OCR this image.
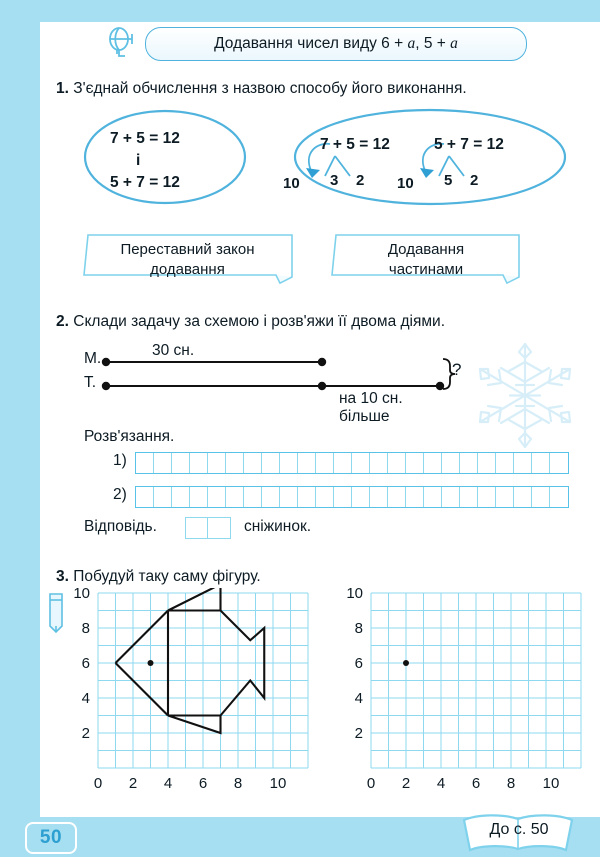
Додавання чисел виду 6 + a, 5 + a
1. З'єднай обчислення з назвою способу його виконання.
7 + 5 = 12
і
5 + 7 = 12
7 + 5 = 12
10 3 2
5 + 7 = 12
10 5 2
Переставний закон
додавання
Додавання
частинами
2. Склади задачу за схемою і розв'яжи її двома діями.
М.
Т.
30 сн.
на 10 сн.
більше
?
Розв'язання.
1)
2)
Відповідь.	сніжинок.
3. Побудуй таку саму фігуру.
10
8
6
4
2
0 2 4 6 8 10
10
8
6
4
2
0 2 4 6 8 10
50	До с. 50
